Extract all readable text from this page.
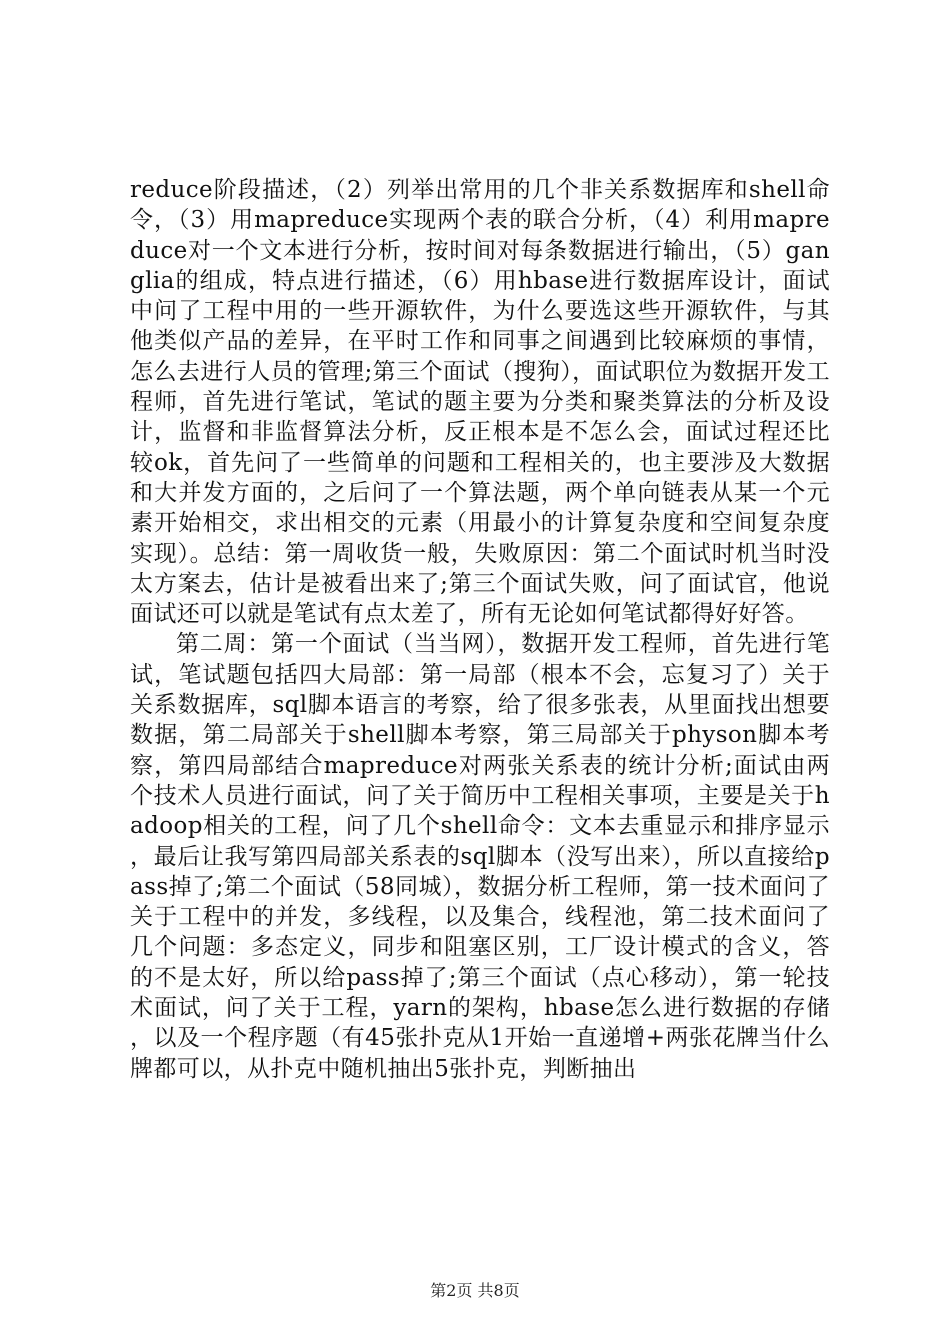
reduce阶段描述，（2）列举出常用的几个非关系数据库和shell命令，（3）用mapreduce实现两个表的联合分析，（4）利用mapreduce对一个文本进行分析，按时间对每条数据进行输出，（5）ganglia的组成，特点进行描述，（6）用hbase进行数据库设计，面试中问了工程中用的一些开源软件，为什么要选这些开源软件，与其他类似产品的差异，在平时工作和同事之间遇到比较麻烦的事情，怎么去进行人员的管理;第三个面试（搜狗），面试职位为数据开发工程师，首先进行笔试，笔试的题主要为分类和聚类算法的分析及设计，监督和非监督算法分析，反正根本是不怎么会，面试过程还比较ok，首先问了一些简单的问题和工程相关的，也主要涉及大数据和大并发方面的，之后问了一个算法题，两个单向链表从某一个元素开始相交，求出相交的元素（用最小的计算复杂度和空间复杂度实现）。总结：第一周收货一般，失败原因：第二个面试时机当时没太方案去，估计是被看出来了;第三个面试失败，问了面试官，他说面试还可以就是笔试有点太差了，所有无论如何笔试都得好好答。

第二周：第一个面试（当当网），数据开发工程师，首先进行笔试，笔试题包括四大局部：第一局部（根本不会，忘复习了）关于关系数据库，sql脚本语言的考察，给了很多张表，从里面找出想要数据，第二局部关于shell脚本考察，第三局部关于physon脚本考察，第四局部结合mapreduce对两张关系表的统计分析;面试由两个技术人员进行面试，问了关于简历中工程相关事项，主要是关于hadoop相关的工程，问了几个shell命令：文本去重显示和排序显示，最后让我写第四局部关系表的sql脚本（没写出来），所以直接给pass掉了;第二个面试（58同城），数据分析工程师，第一技术面问了关于工程中的并发，多线程，以及集合，线程池，第二技术面问了几个问题：多态定义，同步和阻塞区别，工厂设计模式的含义，答的不是太好，所以给pass掉了;第三个面试（点心移动），第一轮技术面试，问了关于工程，yarn的架构，hbase怎么进行数据的存储，以及一个程序题（有45张扑克从1开始一直递增+两张花牌当什么牌都可以，从扑克中随机抽出5张扑克，判断抽出

第2页 共8页
